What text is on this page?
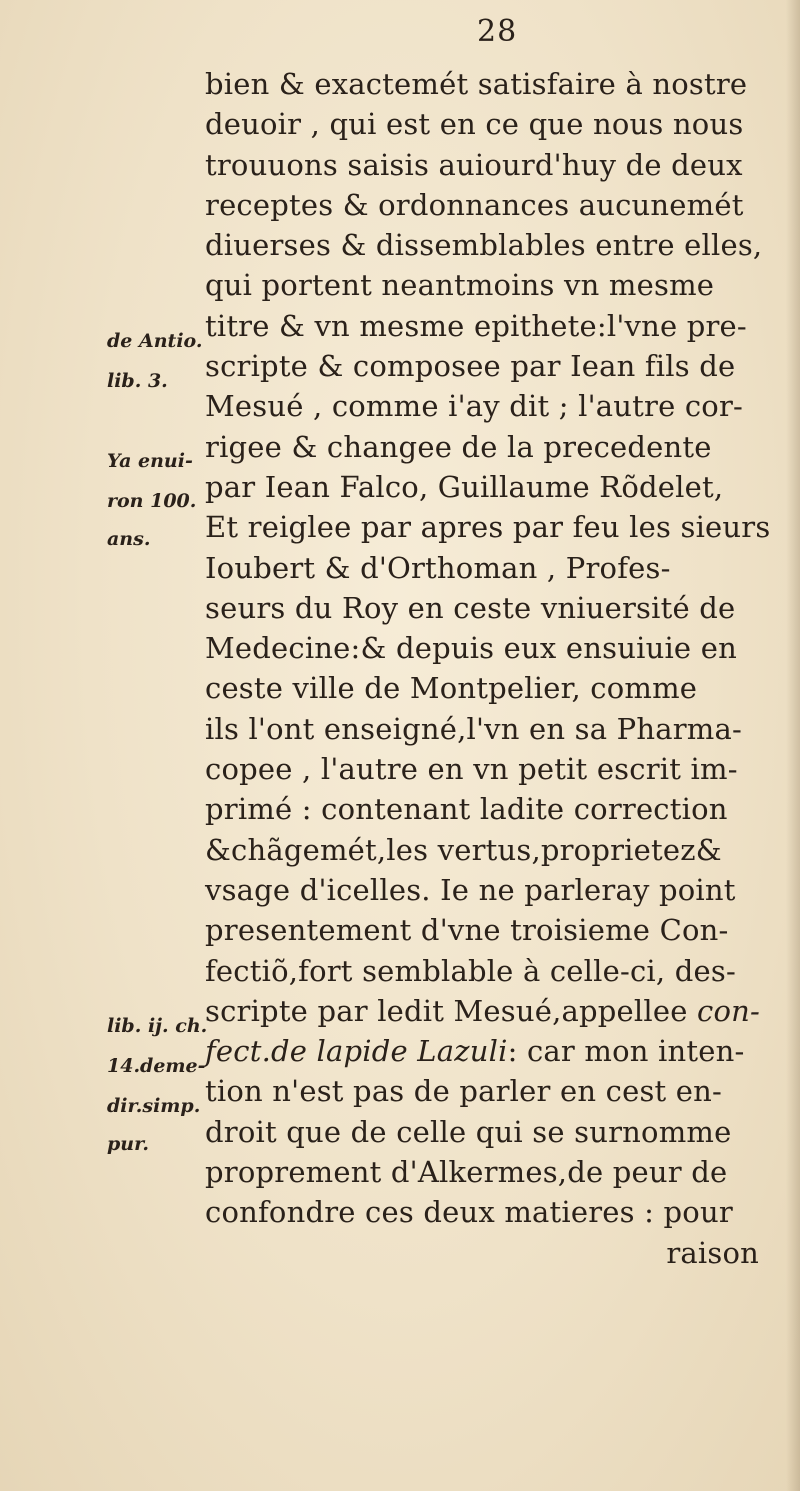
28
de Antio.
lib. 3.
Ya enui-
ron 100.
ans.
lib. ij. ch.
14.deme-
dir.simp.
pur.
bien & exactemét satisfaire à nostre
deuoir , qui est en ce que nous nous
trouuons saisis auiourd'huy de deux
receptes & ordonnances aucunemét
diuerses & dissemblables entre elles,
qui portent neantmoins vn mesme
titre & vn mesme epithete:l'vne pre-
scripte & composee par Iean fils de
Mesué , comme i'ay dit ; l'autre cor-
rigee & changee de la precedente
par Iean Falco, Guillaume Rõdelet,
Et reiglee par apres par feu les sieurs
Ioubert & d'Orthoman , Profes-
seurs du Roy en ceste vniuersité de
Medecine:& depuis eux ensuiuie en
ceste ville de Montpelier, comme
ils l'ont enseigné,l'vn en sa Pharma-
copee , l'autre en vn petit escrit im-
primé : contenant ladite correction
&chãgemét,les vertus,proprietez&
vsage d'icelles. Ie ne parleray point
presentement d'vne troisieme Con-
fectiõ,fort semblable à celle-ci, des-
scripte par ledit Mesué,appellee con-
fect.de lapide Lazuli: car mon inten-
tion n'est pas de parler en cest en-
droit que de celle qui se surnomme
proprement d'Alkermes,de peur de
confondre ces deux matieres : pour
raison
